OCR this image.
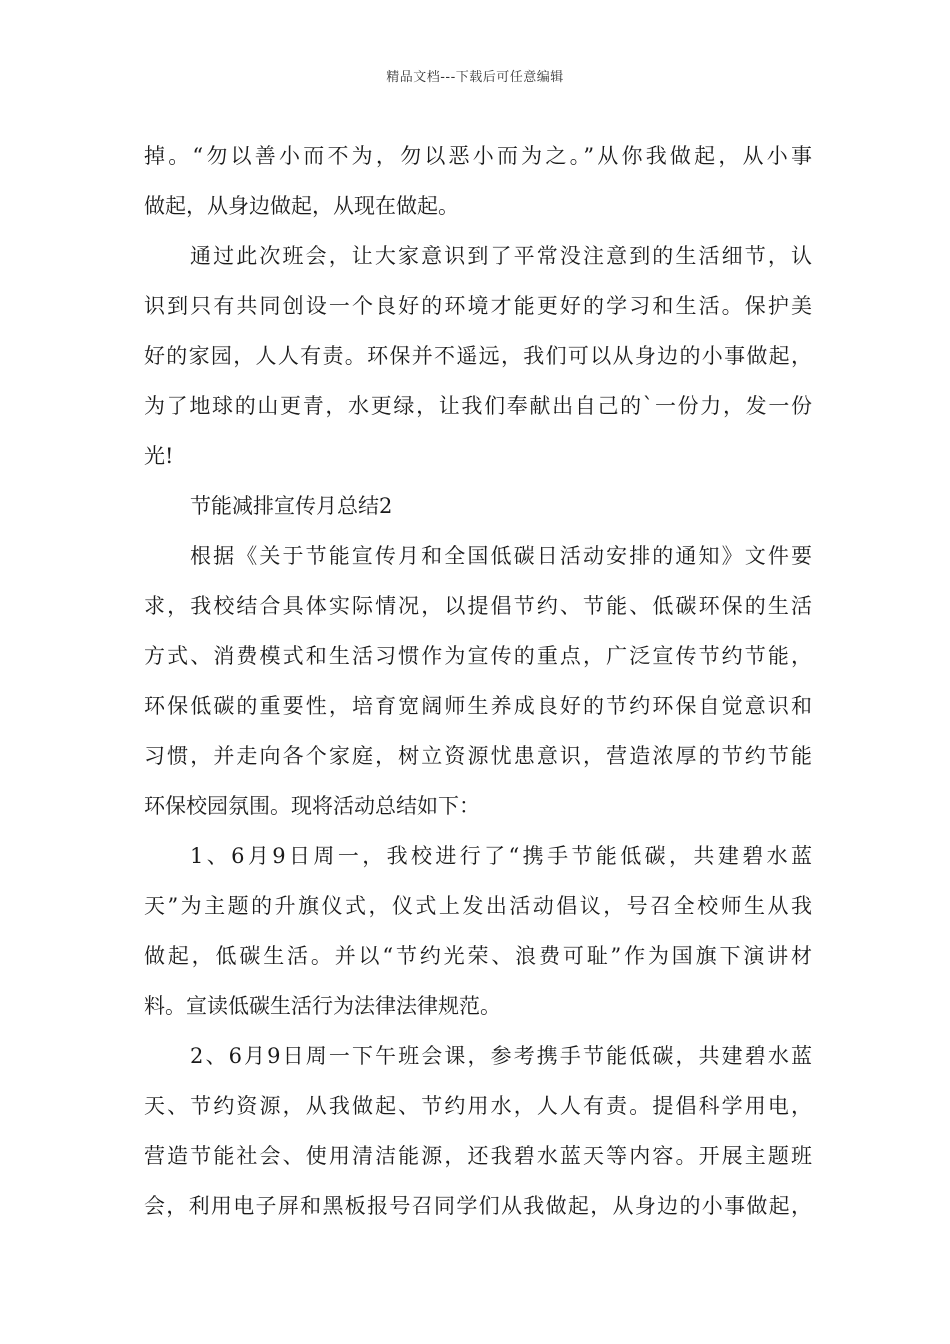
精品文档---下载后可任意编辑
掉。“勿以善小而不为，勿以恶小而为之。”从你我做起，从小事
做起，从身边做起，从现在做起。
通过此次班会，让大家意识到了平常没注意到的生活细节，认
识到只有共同创设一个良好的环境才能更好的学习和生活。保护美
好的家园，人人有责。环保并不遥远，我们可以从身边的小事做起，
为了地球的山更青，水更绿，让我们奉献出自己的`一份力，发一份
光!
节能减排宣传月总结2
根据《关于节能宣传月和全国低碳日活动安排的通知》文件要
求，我校结合具体实际情况，以提倡节约、节能、低碳环保的生活
方式、消费模式和生活习惯作为宣传的重点，广泛宣传节约节能，
环保低碳的重要性，培育宽阔师生养成良好的节约环保自觉意识和
习惯，并走向各个家庭，树立资源忧患意识，营造浓厚的节约节能
环保校园氛围。现将活动总结如下：
1、6月9日周一，我校进行了“携手节能低碳，共建碧水蓝
天”为主题的升旗仪式，仪式上发出活动倡议，号召全校师生从我
做起，低碳生活。并以“节约光荣、浪费可耻”作为国旗下演讲材
料。宣读低碳生活行为法律法律规范。
2、6月9日周一下午班会课，参考携手节能低碳，共建碧水蓝
天、节约资源，从我做起、节约用水，人人有责。提倡科学用电，
营造节能社会、使用清洁能源，还我碧水蓝天等内容。开展主题班
会，利用电子屏和黑板报号召同学们从我做起，从身边的小事做起，
